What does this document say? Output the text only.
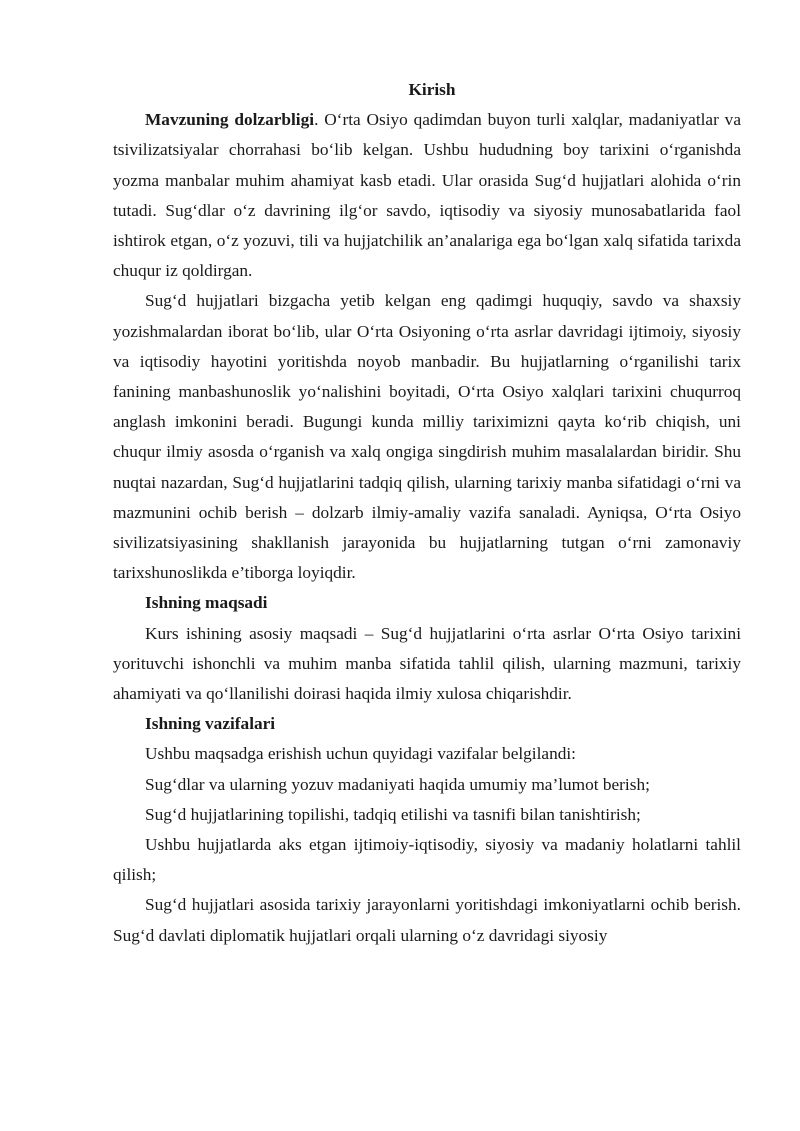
Kirish

Mavzuning dolzarbligi. O‘rta Osiyo qadimdan buyon turli xalqlar, madaniyatlar va tsivilizatsiyalar chorrahasi bo‘lib kelgan. Ushbu hududning boy tarixini o‘rganishda yozma manbalar muhim ahamiyat kasb etadi. Ular orasida Sug‘d hujjatlari alohida o‘rin tutadi. Sug‘dlar o‘z davrining ilg‘or savdo, iqtisodiy va siyosiy munosabatlarida faol ishtirok etgan, o‘z yozuvi, tili va hujjatchilik an’analariga ega bo‘lgan xalq sifatida tarixda chuqur iz qoldirgan.

Sug‘d hujjatlari bizgacha yetib kelgan eng qadimgi huquqiy, savdo va shaxsiy yozishmalardan iborat bo‘lib, ular O‘rta Osiyoning o‘rta asrlar davridagi ijtimoiy, siyosiy va iqtisodiy hayotini yoritishda noyob manbadir. Bu hujjatlarning o‘rganilishi tarix fanining manbashunoslik yo‘nalishini boyitadi, O‘rta Osiyo xalqlari tarixini chuqurroq anglash imkonini beradi. Bugungi kunda milliy tariximizni qayta ko‘rib chiqish, uni chuqur ilmiy asosda o‘rganish va xalq ongiga singdirish muhim masalalardan biridir. Shu nuqtai nazardan, Sug‘d hujjatlarini tadqiq qilish, ularning tarixiy manba sifatidagi o‘rni va mazmunini ochib berish – dolzarb ilmiy-amaliy vazifa sanaladi. Ayniqsa, O‘rta Osiyo sivilizatsiyasining shakllanish jarayonida bu hujjatlarning tutgan o‘rni zamonaviy tarixshunoslikda e’tiborga loyiqdir.

Ishning maqsadi

Kurs ishining asosiy maqsadi – Sug‘d hujjatlarini o‘rta asrlar O‘rta Osiyo tarixini yorituvchi ishonchli va muhim manba sifatida tahlil qilish, ularning mazmuni, tarixiy ahamiyati va qo‘llanilishi doirasi haqida ilmiy xulosa chiqarishdir.

Ishning vazifalari

Ushbu maqsadga erishish uchun quyidagi vazifalar belgilandi:

Sug‘dlar va ularning yozuv madaniyati haqida umumiy ma’lumot berish;

Sug‘d hujjatlarining topilishi, tadqiq etilishi va tasnifi bilan tanishtirish;

Ushbu hujjatlarda aks etgan ijtimoiy-iqtisodiy, siyosiy va madaniy holatlarni tahlil qilish;

Sug‘d hujjatlari asosida tarixiy jarayonlarni yoritishdagi imkoniyatlarni ochib berish. Sug‘d davlati diplomatik hujjatlari orqali ularning o‘z davridagi siyosiy
